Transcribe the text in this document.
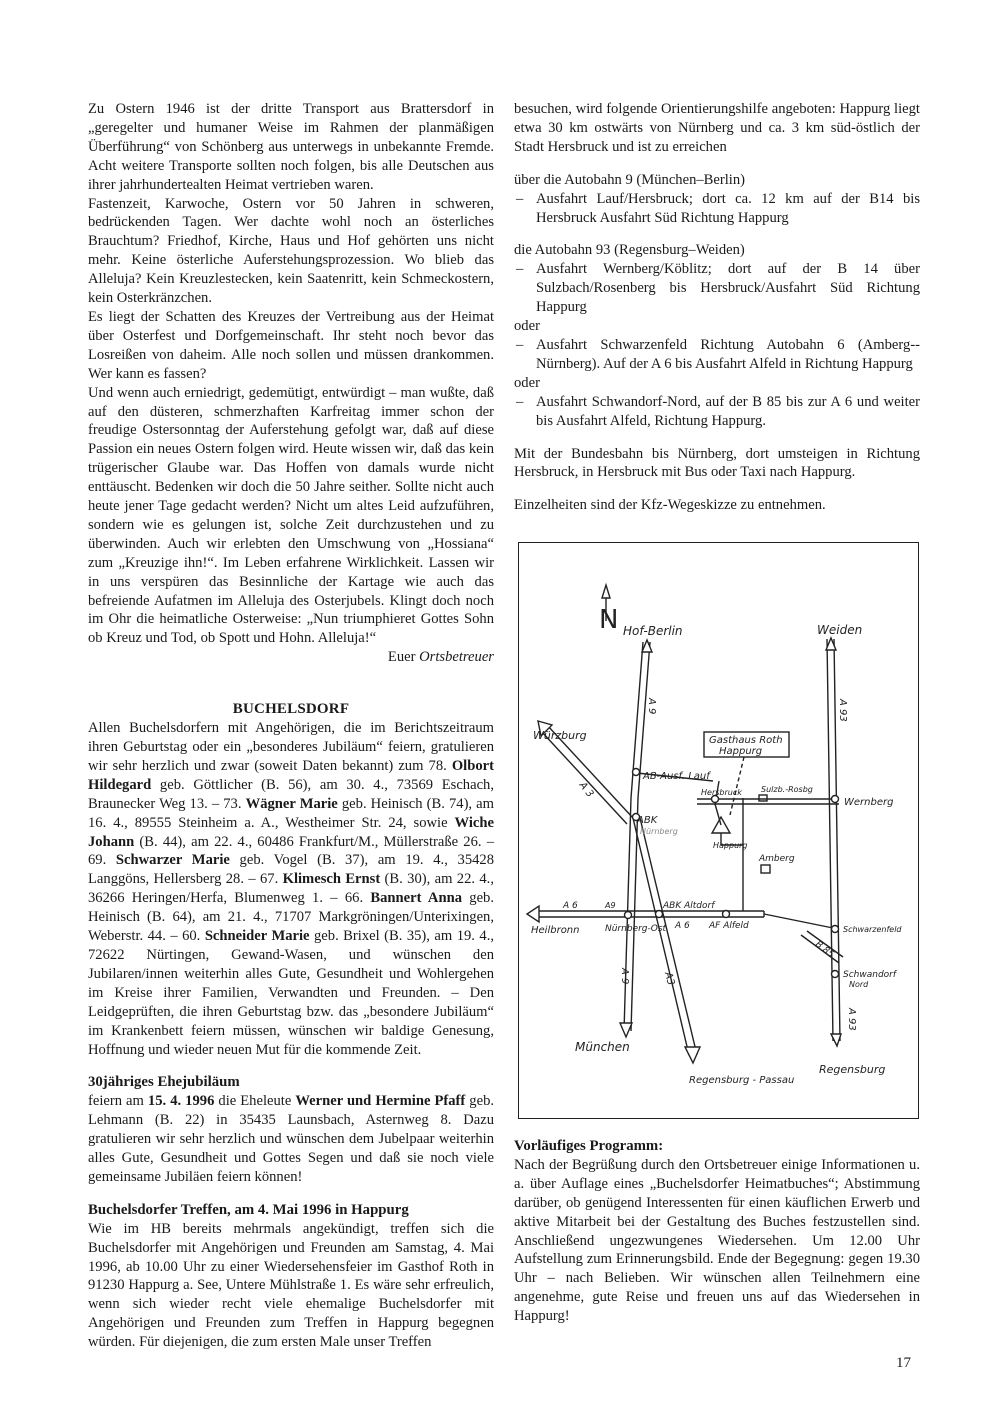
Zu Ostern 1946 ist der dritte Transport aus Brattersdorf in „geregelter und humaner Weise im Rahmen der planmäßigen Überführung“ von Schönberg aus unterwegs in unbekannte Fremde. Acht weitere Transporte sollten noch folgen, bis alle Deutschen aus ihrer jahrhundertealten Heimat vertrieben waren.

Fastenzeit, Karwoche, Ostern vor 50 Jahren in schweren, bedrückenden Tagen. Wer dachte wohl noch an österliches Brauchtum? Friedhof, Kirche, Haus und Hof gehörten uns nicht mehr. Keine österliche Auferstehungsprozession. Wo blieb das Alleluja? Kein Kreuzlestecken, kein Saatenritt, kein Schmeckostern, kein Osterkränzchen.

Es liegt der Schatten des Kreuzes der Vertreibung aus der Heimat über Osterfest und Dorfgemeinschaft. Ihr steht noch bevor das Losreißen von daheim. Alle noch sollen und müssen drankommen. Wer kann es fassen?

Und wenn auch erniedrigt, gedemütigt, entwürdigt – man wußte, daß auf den düsteren, schmerzhaften Karfreitag immer schon der freudige Ostersonntag der Auferstehung gefolgt war, daß auf diese Passion ein neues Ostern folgen wird. Heute wissen wir, daß das kein trügerischer Glaube war. Das Hoffen von damals wurde nicht enttäuscht. Bedenken wir doch die 50 Jahre seither. Sollte nicht auch heute jener Tage gedacht werden? Nicht um altes Leid aufzuführen, sondern wie es gelungen ist, solche Zeit durchzustehen und zu überwinden. Auch wir erlebten den Umschwung von „Hossiana“ zum „Kreuzige ihn!“. Im Leben erfahrene Wirklichkeit. Lassen wir in uns verspüren das Besinnliche der Kartage wie auch das befreiende Aufatmen im Alleluja des Osterjubels. Klingt doch noch im Ohr die heimatliche Osterweise: „Nun triumphieret Gottes Sohn ob Kreuz und Tod, ob Spott und Hohn. Alleluja!“

Euer Ortsbetreuer
BUCHELSDORF

Allen Buchelsdorfern mit Angehörigen, die im Berichtszeitraum ihren Geburtstag oder ein „besonderes Jubiläum“ feiern, gratulieren wir sehr herzlich und zwar (soweit Daten bekannt) zum 78. Olbort Hildegard geb. Göttlicher (B. 56), am 30. 4., 73569 Eschach, Braunecker Weg 13. – 73. Wägner Marie geb. Heinisch (B. 74), am 16. 4., 89555 Steinheim a. A., Westheimer Str. 24, sowie Wiche Johann (B. 44), am 22. 4., 60486 Frankfurt/M., Müllerstraße 26. – 69. Schwarzer Marie geb. Vogel (B. 37), am 19. 4., 35428 Langgöns, Hellersberg 28. – 67. Klimesch Ernst (B. 30), am 22. 4., 36266 Heringen/Herfa, Blumenweg 1. – 66. Bannert Anna geb. Heinisch (B. 64), am 21. 4., 71707 Markgröningen/Unterixingen, Weberstr. 44. – 60. Schneider Marie geb. Brixel (B. 35), am 19. 4., 72622 Nürtingen, Gewand-Wasen, und wünschen den Jubilaren/innen weiterhin alles Gute, Gesundheit und Wohlergehen im Kreise ihrer Familien, Verwandten und Freunden. – Den Leidgeprüften, die ihren Geburtstag bzw. das „besondere Jubiläum“ im Krankenbett feiern müssen, wünschen wir baldige Genesung, Hoffnung und wieder neuen Mut für die kommende Zeit.

30jähriges Ehejubiläum

feiern am 15. 4. 1996 die Eheleute Werner und Hermine Pfaff geb. Lehmann (B. 22) in 35435 Launsbach, Asternweg 8. Dazu gratulieren wir sehr herzlich und wünschen dem Jubelpaar weiterhin alles Gute, Gesundheit und Gottes Segen und daß sie noch viele gemeinsame Jubiläen feiern können!

Buchelsdorfer Treffen, am 4. Mai 1996 in Happurg

Wie im HB bereits mehrmals angekündigt, treffen sich die Buchelsdorfer mit Angehörigen und Freunden am Samstag, 4. Mai 1996, ab 10.00 Uhr zu einer Wiedersehensfeier im Gasthof Roth in 91230 Happurg a. See, Untere Mühlstraße 1. Es wäre sehr erfreulich, wenn sich wieder recht viele ehemalige Buchelsdorfer mit Angehörigen und Freunden zum Treffen in Happurg begegnen würden. Für diejenigen, die zum ersten Male unser Treffen

besuchen, wird folgende Orientierungshilfe angeboten: Happurg liegt etwa 30 km ostwärts von Nürnberg und ca. 3 km süd-östlich der Stadt Hersbruck und ist zu erreichen

über die Autobahn 9 (München–Berlin)

– Ausfahrt Lauf/Hersbruck; dort ca. 12 km auf der B14 bis Hersbruck Ausfahrt Süd Richtung Happurg

die Autobahn 93 (Regensburg–Weiden)

– Ausfahrt Wernberg/Köblitz; dort auf der B 14 über Sulzbach/Rosenberg bis Hersbruck/Ausfahrt Süd Richtung Happurg

oder

– Ausfahrt Schwarzenfeld Richtung Autobahn 6 (Amberg--Nürnberg). Auf der A 6 bis Ausfahrt Alfeld in Richtung Happurg

oder

– Ausfahrt Schwandorf-Nord, auf der B 85 bis zur A 6 und weiter bis Ausfahrt Alfeld, Richtung Happurg.

Mit der Bundesbahn bis Nürnberg, dort umsteigen in Richtung Hersbruck, in Hersbruck mit Bus oder Taxi nach Happurg.

Einzelheiten sind der Kfz-Wegeskizze zu entnehmen.

N Hof-Berlin	Weiden
Würzburg
A 9	A 93
Gasthaus Roth
Happurg
AB-Ausf. Lauf
Hersbruck Sulzb.-Rosbg
Wernberg
A 3
ABK
Nürnberg
Happurg
Amberg
A 6	A9	ABK Altdorf
Heilbronn	Nürnberg-Ost A 6 AF Alfeld	Schwarzenfeld
B 85
Schwandorf
Nord
A 9	A3
A 93
München
Regensburg - Passau
Regensburg
Vorläufiges Programm:

Nach der Begrüßung durch den Ortsbetreuer einige Informationen u. a. über Auflage eines „Buchelsdorfer Heimatbuches“; Abstimmung darüber, ob genügend Interessenten für einen käuflichen Erwerb und aktive Mitarbeit bei der Gestaltung des Buches festzustellen sind. Anschließend ungezwungenes Wiedersehen. Um 12.00 Uhr Aufstellung zum Erinnerungsbild. Ende der Begegnung: gegen 19.30 Uhr – nach Belieben. Wir wünschen allen Teilnehmern eine angenehme, gute Reise und freuen uns auf das Wiedersehen in Happurg!

17
